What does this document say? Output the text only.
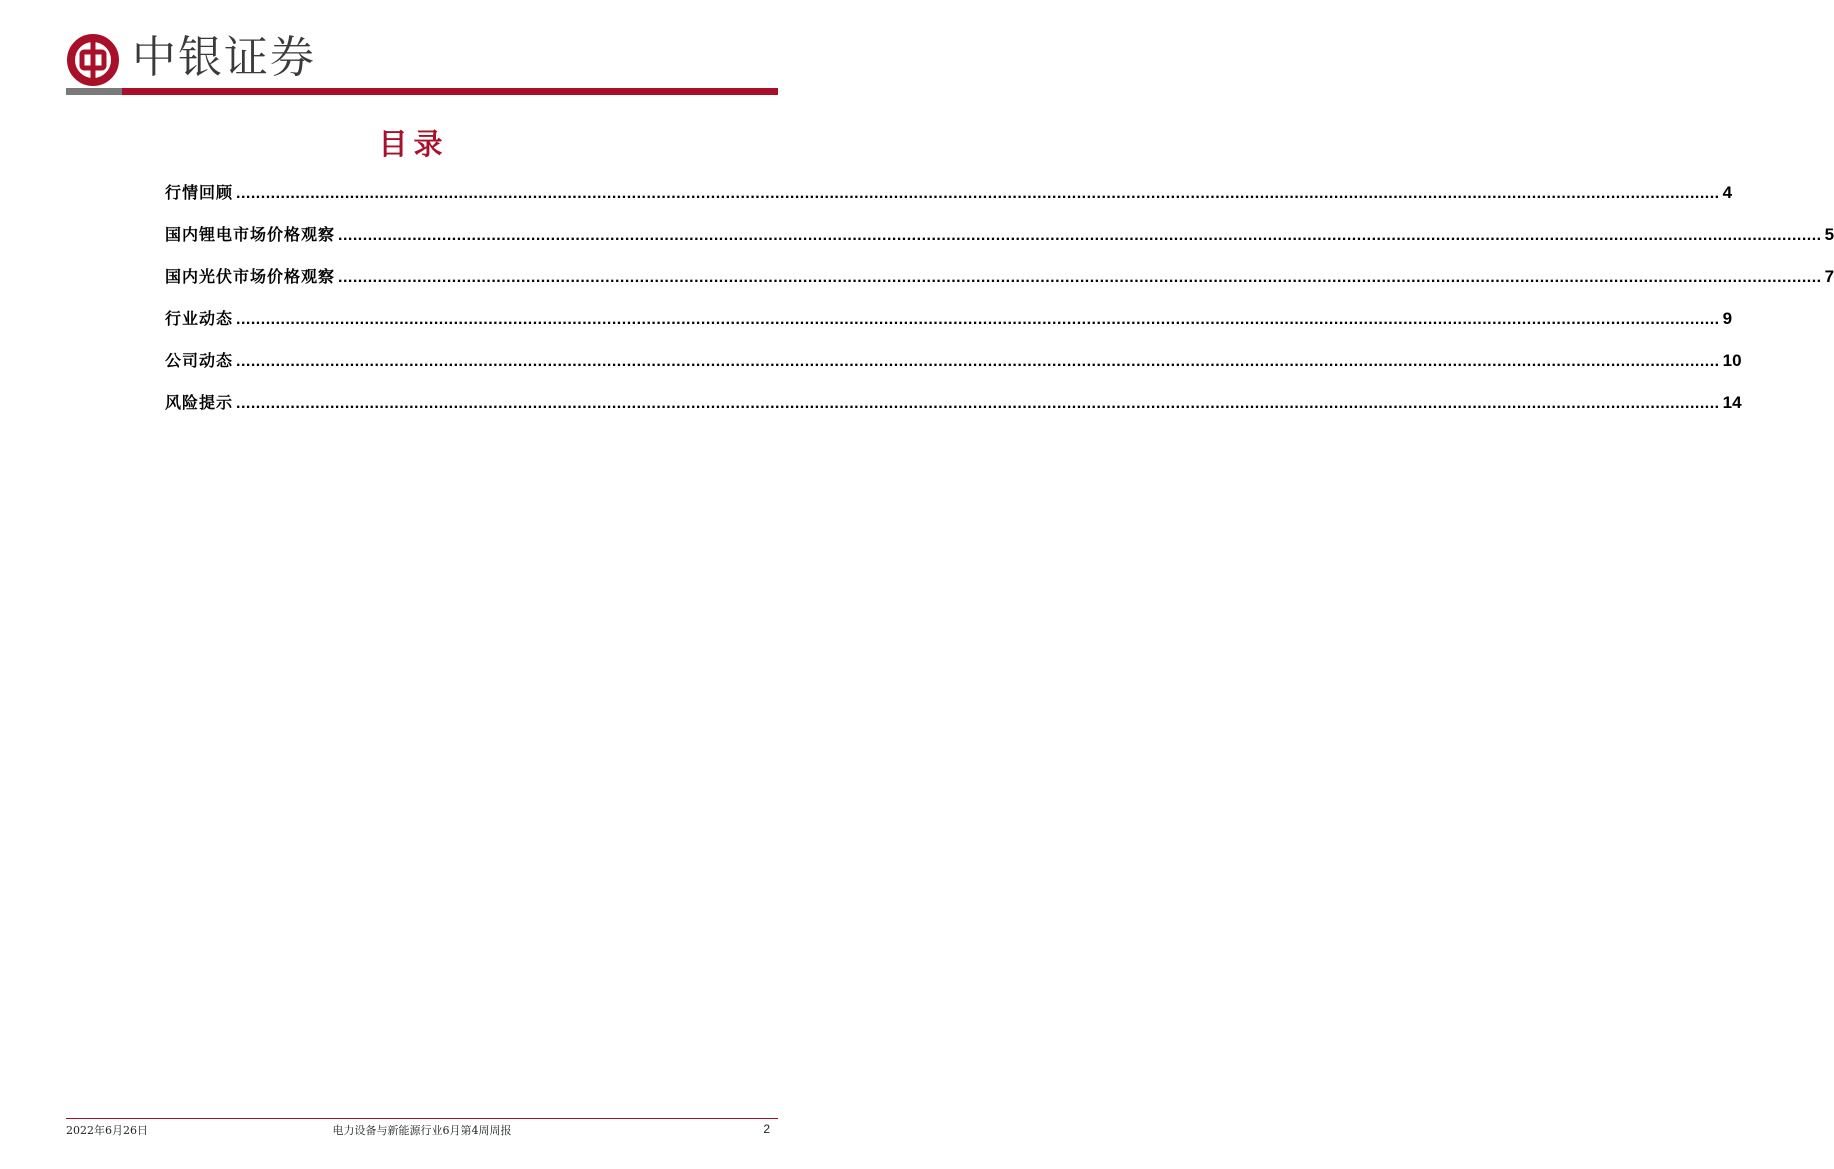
中银证券
目录
行情回顾 ............................................................................................................................................................................................................................................................................................................ 4
国内锂电市场价格观察 ............................................................................................................................................................................................................................................................................................................ 5
国内光伏市场价格观察 ............................................................................................................................................................................................................................................................................................................ 7
行业动态 ............................................................................................................................................................................................................................................................................................................ 9
公司动态 ............................................................................................................................................................................................................................................................................................................ 10
风险提示 ............................................................................................................................................................................................................................................................................................................ 14
2022年6月26日	电力设备与新能源行业6月第4周周报	2
